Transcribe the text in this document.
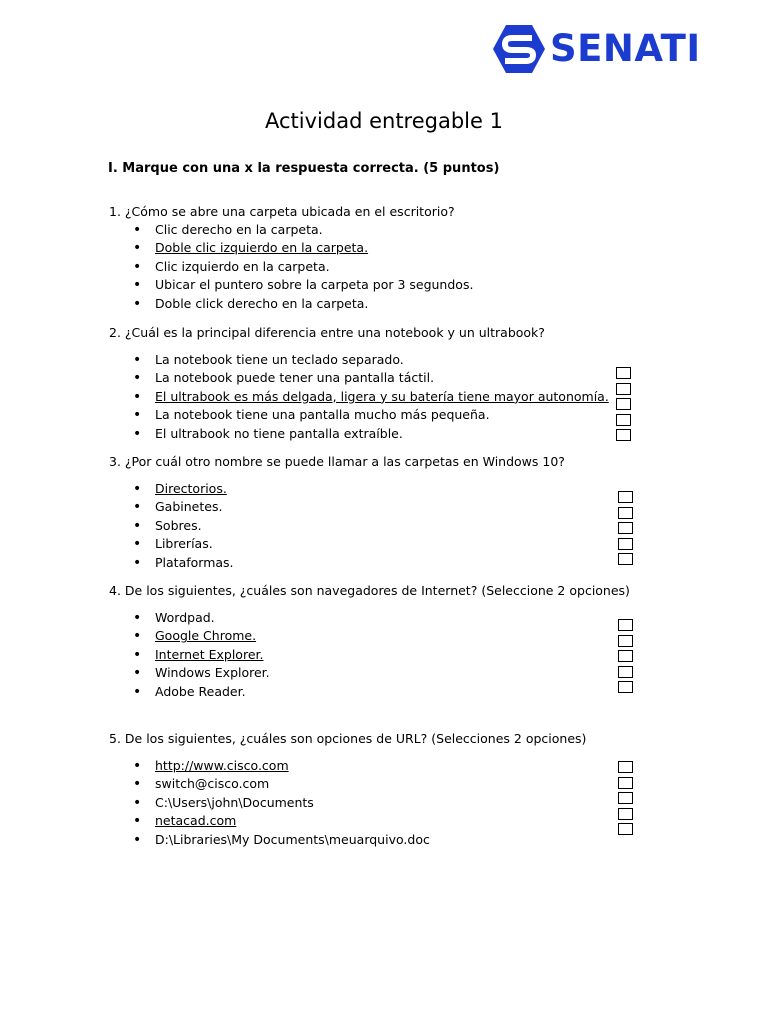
SENATI
Actividad entregable 1
I. Marque con una x la respuesta correcta. (5 puntos)
1. ¿Cómo se abre una carpeta ubicada en el escritorio?
• Clic derecho en la carpeta.
• Doble clic izquierdo en la carpeta.
• Clic izquierdo en la carpeta.
• Ubicar el puntero sobre la carpeta por 3 segundos.
• Doble click derecho en la carpeta.
2. ¿Cuál es la principal diferencia entre una notebook y un ultrabook?
• La notebook tiene un teclado separado.
• La notebook puede tener una pantalla táctil.
• El ultrabook es más delgada, ligera y su batería tiene mayor autonomía.
• La notebook tiene una pantalla mucho más pequeña.
• El ultrabook no tiene pantalla extraíble.
3. ¿Por cuál otro nombre se puede llamar a las carpetas en Windows 10?
• Directorios.
• Gabinetes.
• Sobres.
• Librerías.
• Plataformas.
4. De los siguientes, ¿cuáles son navegadores de Internet? (Seleccione 2 opciones)
• Wordpad.
• Google Chrome.
• Internet Explorer.
• Windows Explorer.
• Adobe Reader.
5. De los siguientes, ¿cuáles son opciones de URL? (Selecciones 2 opciones)
• http://www.cisco.com
• switch@cisco.com
• C:\Users\john\Documents
• netacad.com
• D:\Libraries\My Documents\meuarquivo.doc
